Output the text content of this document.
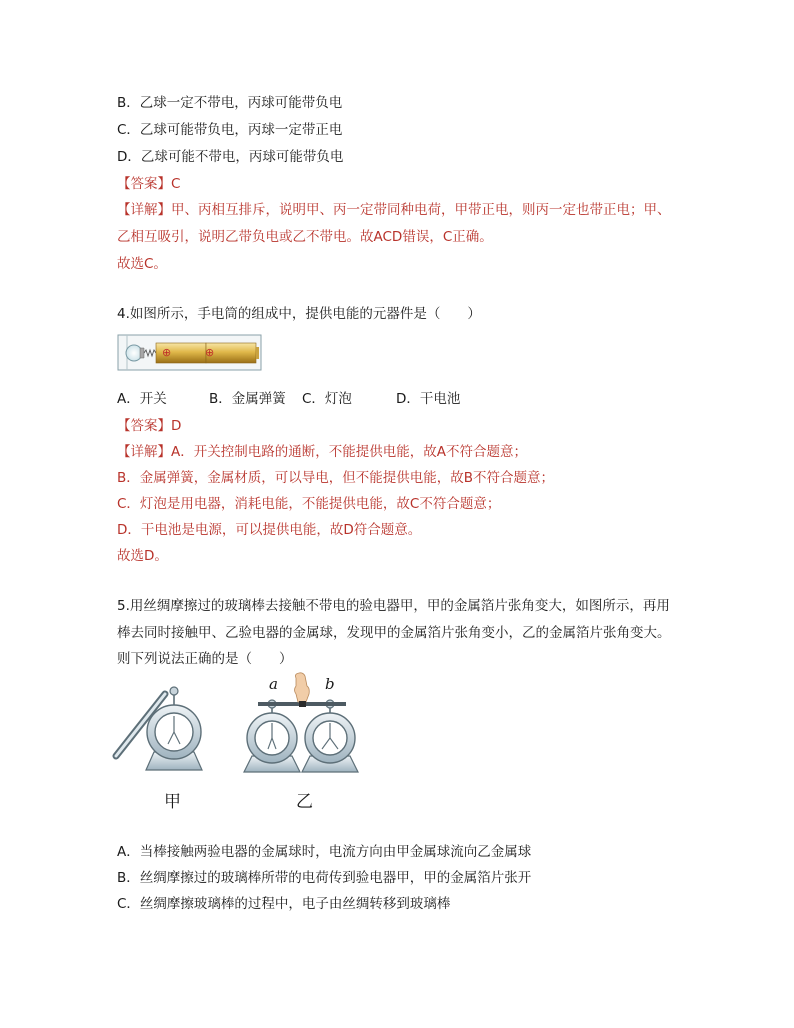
B．乙球一定不带电，丙球可能带负电
C．乙球可能带负电，丙球一定带正电
D．乙球可能不带电，丙球可能带负电
【答案】C
【详解】甲、丙相互排斥，说明甲、丙一定带同种电荷，甲带正电，则丙一定也带正电；甲、
乙相互吸引，说明乙带负电或乙不带电。故ACD错误，C正确。
故选C。
4.如图所示，手电筒的组成中，提供电能的元器件是（　　）
⊕	⊕
A．开关	B．金属弹簧 C．灯泡	D．干电池
【答案】D
【详解】A．开关控制电路的通断，不能提供电能，故A不符合题意；
B．金属弹簧，金属材质，可以导电，但不能提供电能，故B不符合题意；
C．灯泡是用电器，消耗电能，不能提供电能，故C不符合题意；
D．干电池是电源，可以提供电能，故D符合题意。
故选D。
5.用丝绸摩擦过的玻璃棒去接触不带电的验电器甲，甲的金属箔片张角变大，如图所示，再用
棒去同时接触甲、乙验电器的金属球，发现甲的金属箔片张角变小，乙的金属箔片张角变大。
则下列说法正确的是（　　）
a	b
甲	乙
A．当棒接触两验电器的金属球时，电流方向由甲金属球流向乙金属球
B．丝绸摩擦过的玻璃棒所带的电荷传到验电器甲，甲的金属箔片张开
C．丝绸摩擦玻璃棒的过程中，电子由丝绸转移到玻璃棒
